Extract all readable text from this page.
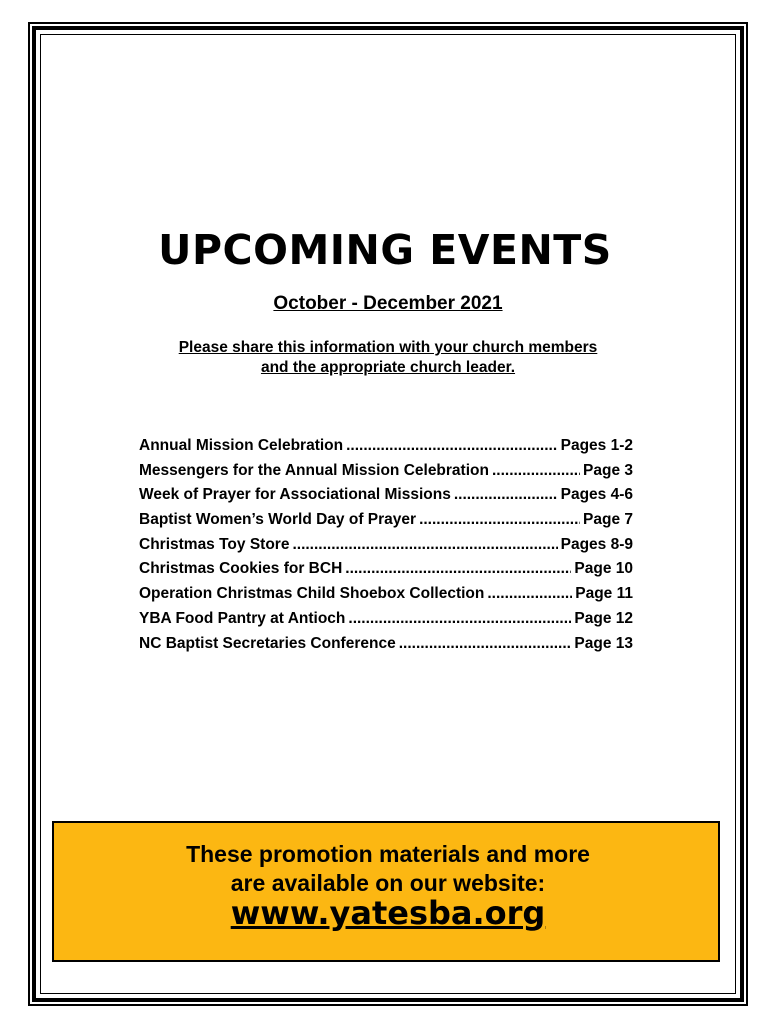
UPCOMING EVENTS
October - December 2021
Please share this information with your church members
and the appropriate church leader.
Annual Mission Celebration .....	Pages 1-2
Messengers for the Annual Mission Celebration .....	Page 3
Week of Prayer for Associational Missions .....	Pages 4-6
Baptist Women’s World Day of Prayer .....	Page 7
Christmas Toy Store .....	Pages 8-9
Christmas Cookies for BCH .....	Page 10
Operation Christmas Child Shoebox Collection .....	Page 11
YBA Food Pantry at Antioch .....	Page 12
NC Baptist Secretaries Conference .....	Page 13
These promotion materials and more
are available on our website:
www.yatesba.org
